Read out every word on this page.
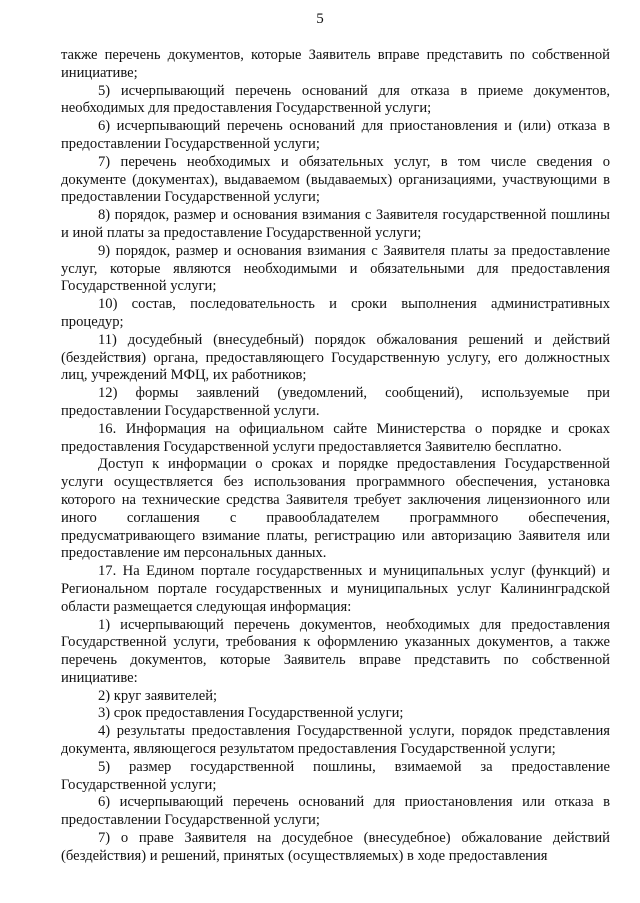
5

также перечень документов, которые Заявитель вправе представить по собственной инициативе;

5) исчерпывающий перечень оснований для отказа в приеме документов, необходимых для предоставления Государственной услуги;

6) исчерпывающий перечень оснований для приостановления и (или) отказа в предоставлении Государственной услуги;

7) перечень необходимых и обязательных услуг, в том числе сведения о документе (документах), выдаваемом (выдаваемых) организациями, участвующими в предоставлении Государственной услуги;

8) порядок, размер и основания взимания с Заявителя государственной пошлины и иной платы за предоставление Государственной услуги;

9) порядок, размер и основания взимания с Заявителя платы за предоставление услуг, которые являются необходимыми и обязательными для предоставления Государственной услуги;

10) состав, последовательность и сроки выполнения административных процедур;

11) досудебный (внесудебный) порядок обжалования решений и действий (бездействия) органа, предоставляющего Государственную услугу, его должностных лиц, учреждений МФЦ, их работников;

12) формы заявлений (уведомлений, сообщений), используемые при предоставлении Государственной услуги.

16. Информация на официальном сайте Министерства о порядке и сроках предоставления Государственной услуги предоставляется Заявителю бесплатно.

Доступ к информации о сроках и порядке предоставления Государственной услуги осуществляется без использования программного обеспечения, установка которого на технические средства Заявителя требует заключения лицензионного или иного соглашения с правообладателем программного обеспечения, предусматривающего взимание платы, регистрацию или авторизацию Заявителя или предоставление им персональных данных.

17. На Едином портале государственных и муниципальных услуг (функций) и Региональном портале государственных и муниципальных услуг Калининградской области размещается следующая информация:

1) исчерпывающий перечень документов, необходимых для предоставления Государственной услуги, требования к оформлению указанных документов, а также перечень документов, которые Заявитель вправе представить по собственной инициативе:

2) круг заявителей;

3) срок предоставления Государственной услуги;

4) результаты предоставления Государственной услуги, порядок представления документа, являющегося результатом предоставления Государственной услуги;

5) размер государственной пошлины, взимаемой за предоставление Государственной услуги;

6) исчерпывающий перечень оснований для приостановления или отказа в предоставлении Государственной услуги;

7) о праве Заявителя на досудебное (внесудебное) обжалование действий (бездействия) и решений, принятых (осуществляемых) в ходе предоставления
